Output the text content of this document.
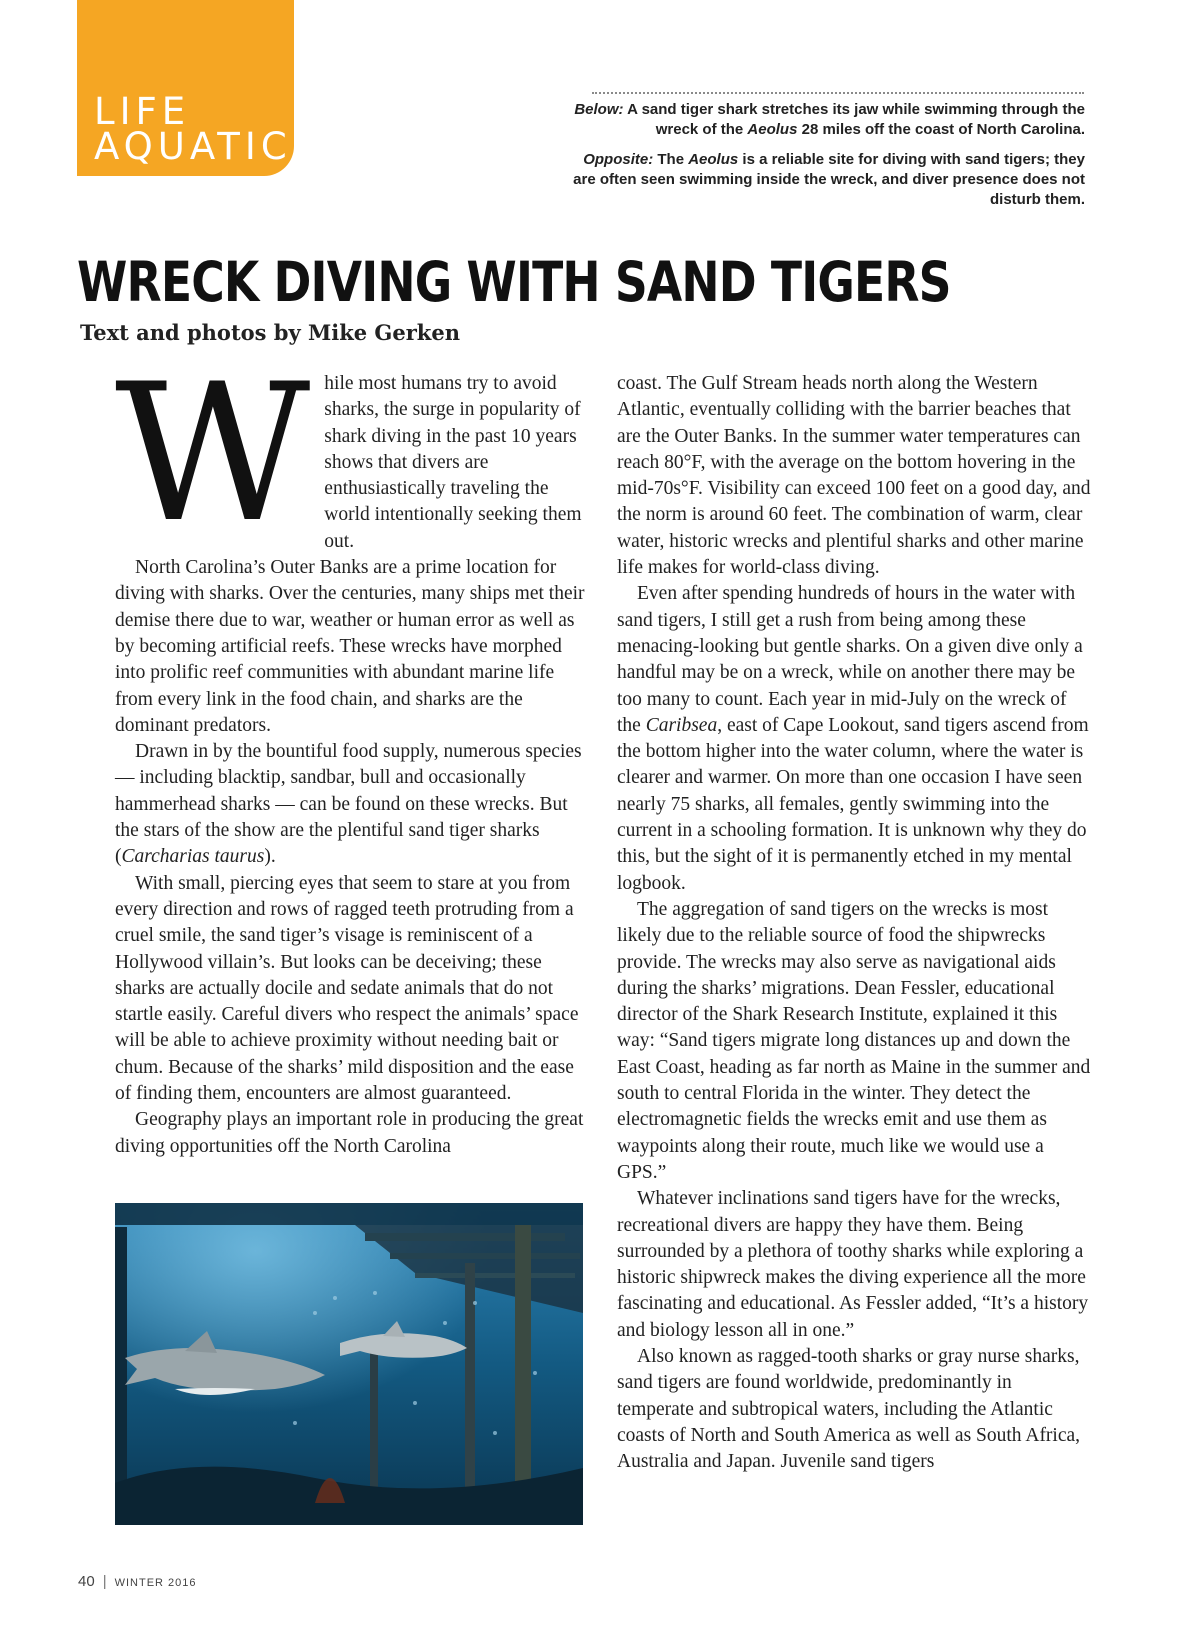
LIFE
AQUATIC
Below: A sand tiger shark stretches its jaw while swimming through the wreck of the Aeolus 28 miles off the coast of North Carolina.
Opposite: The Aeolus is a reliable site for diving with sand tigers; they are often seen swimming inside the wreck, and diver presence does not disturb them.
WRECK DIVING WITH SAND TIGERS
Text and photos by Mike Gerken
W hile most humans try to avoid sharks, the surge in popularity of shark diving in the past 10 years shows that divers are enthusiastically traveling the world intentionally seeking them out.

North Carolina’s Outer Banks are a prime location for diving with sharks. Over the centuries, many ships met their demise there due to war, weather or human error as well as by becoming artificial reefs. These wrecks have morphed into prolific reef communities with abundant marine life from every link in the food chain, and sharks are the dominant predators.

Drawn in by the bountiful food supply, numerous species — including blacktip, sandbar, bull and occasionally hammerhead sharks — can be found on these wrecks. But the stars of the show are the plentiful sand tiger sharks (Carcharias taurus).

With small, piercing eyes that seem to stare at you from every direction and rows of ragged teeth protruding from a cruel smile, the sand tiger’s visage is reminiscent of a Hollywood villain’s. But looks can be deceiving; these sharks are actually docile and sedate animals that do not startle easily. Careful divers who respect the animals’ space will be able to achieve proximity without needing bait or chum. Because of the sharks’ mild disposition and the ease of finding them, encounters are almost guaranteed.

Geography plays an important role in producing the great diving opportunities off the North Carolina

coast. The Gulf Stream heads north along the Western Atlantic, eventually colliding with the barrier beaches that are the Outer Banks. In the summer water temperatures can reach 80°F, with the average on the bottom hovering in the mid-70s°F. Visibility can exceed 100 feet on a good day, and the norm is around 60 feet. The combination of warm, clear water, historic wrecks and plentiful sharks and other marine life makes for world-class diving.

Even after spending hundreds of hours in the water with sand tigers, I still get a rush from being among these menacing-looking but gentle sharks. On a given dive only a handful may be on a wreck, while on another there may be too many to count. Each year in mid-July on the wreck of the Caribsea, east of Cape Lookout, sand tigers ascend from the bottom higher into the water column, where the water is clearer and warmer. On more than one occasion I have seen nearly 75 sharks, all females, gently swimming into the current in a schooling formation. It is unknown why they do this, but the sight of it is permanently etched in my mental logbook.

The aggregation of sand tigers on the wrecks is most likely due to the reliable source of food the shipwrecks provide. The wrecks may also serve as navigational aids during the sharks’ migrations. Dean Fessler, educational director of the Shark Research Institute, explained it this way: “Sand tigers migrate long distances up and down the East Coast, heading as far north as Maine in the summer and south to central Florida in the winter. They detect the electromagnetic fields the wrecks emit and use them as waypoints along their route, much like we would use a GPS.”

Whatever inclinations sand tigers have for the wrecks, recreational divers are happy they have them. Being surrounded by a plethora of toothy sharks while exploring a historic shipwreck makes the diving experience all the more fascinating and educational. As Fessler added, “It’s a history and biology lesson all in one.”

Also known as ragged-tooth sharks or gray nurse sharks, sand tigers are found worldwide, predominantly in temperate and subtropical waters, including the Atlantic coasts of North and South America as well as South Africa, Australia and Japan. Juvenile sand tigers

40 | WINTER 2016
